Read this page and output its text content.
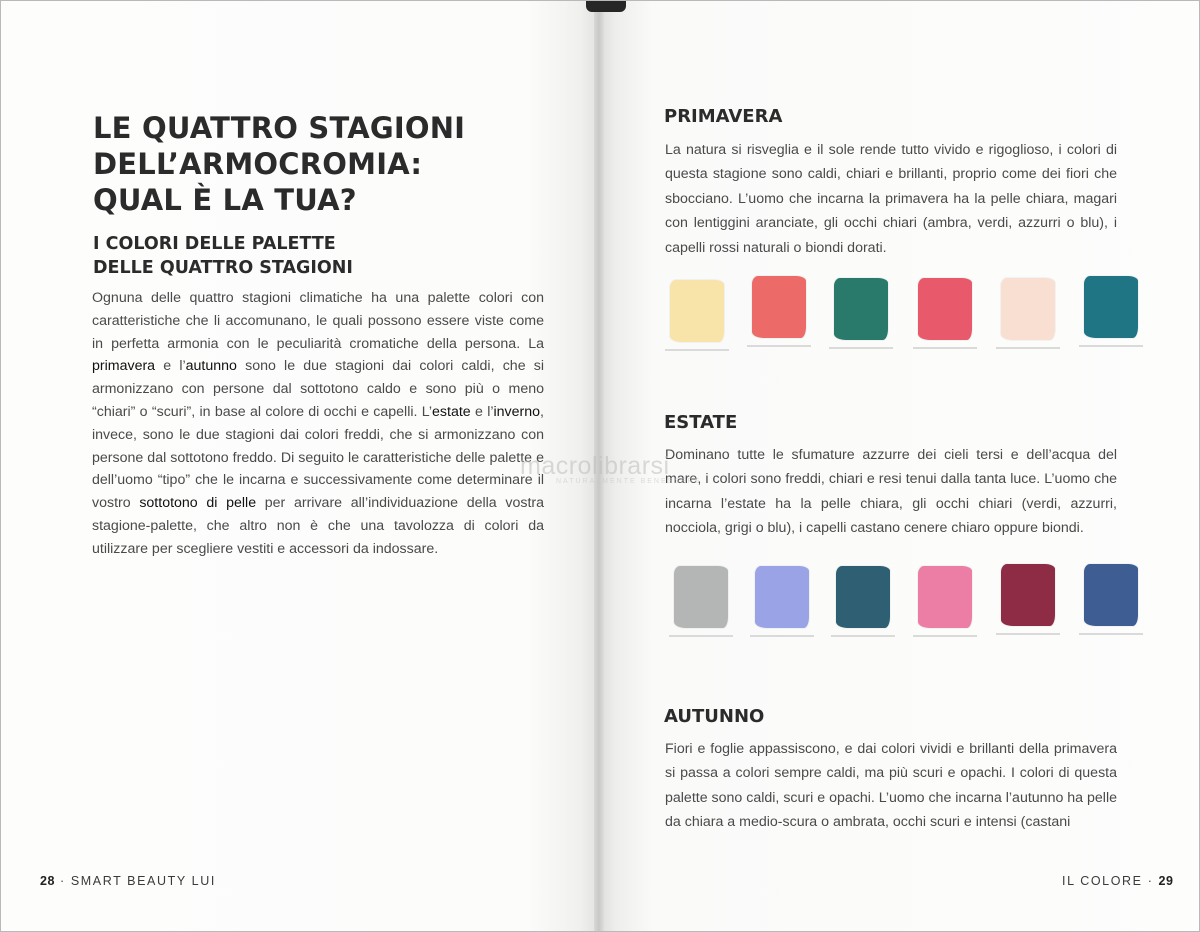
LE QUATTRO STAGIONI
DELL’ARMOCROMIA:
QUAL È LA TUA?
I COLORI DELLE PALETTE
DELLE QUATTRO STAGIONI

Ognuna delle quattro stagioni climatiche ha una palette colori con caratteristiche che li accomunano, le quali possono essere viste come in perfetta armonia con le peculiarità cromatiche della persona. La primavera e l’autunno sono le due stagioni dai colori caldi, che si armonizzano con persone dal sottotono caldo e sono più o meno “chiari” o “scuri”, in base al colore di occhi e capelli. L’estate e l’inverno, invece, sono le due stagioni dai colori freddi, che si armonizzano con persone dal sottotono freddo. Di seguito le caratteristiche delle palette e dell’uomo “tipo” che le incarna e successivamente come determinare il vostro sottotono di pelle per arrivare all’individuazione della vostra stagione-palette, che altro non è che una tavolozza di colori da utilizzare per scegliere vestiti e accessori da indossare.

28 · SMART BEAUTY LUI

PRIMAVERA

La natura si risveglia e il sole rende tutto vivido e rigoglioso, i colori di questa stagione sono caldi, chiari e brillanti, proprio come dei fiori che sbocciano. L’uomo che incarna la primavera ha la pelle chiara, magari con lentiggini aranciate, gli occhi chiari (ambra, verdi, azzurri o blu), i capelli rossi naturali o biondi dorati.

ESTATE

Dominano tutte le sfumature azzurre dei cieli tersi e dell’acqua del mare, i colori sono freddi, chiari e resi tenui dalla tanta luce. L’uomo che incarna l’estate ha la pelle chiara, gli occhi chiari (verdi, azzurri, nocciola, grigi o blu), i capelli castano cenere chiaro oppure biondi.

AUTUNNO

Fiori e foglie appassiscono, e dai colori vividi e brillanti della primavera si passa a colori sempre caldi, ma più scuri e opachi. I colori di questa palette sono caldi, scuri e opachi. L’uomo che incarna l’autunno ha pelle da chiara a medio-scura o ambrata, occhi scuri e intensi (castani

IL COLORE · 29

macrolibrarsi
NATURALMENTE BENESSERE
